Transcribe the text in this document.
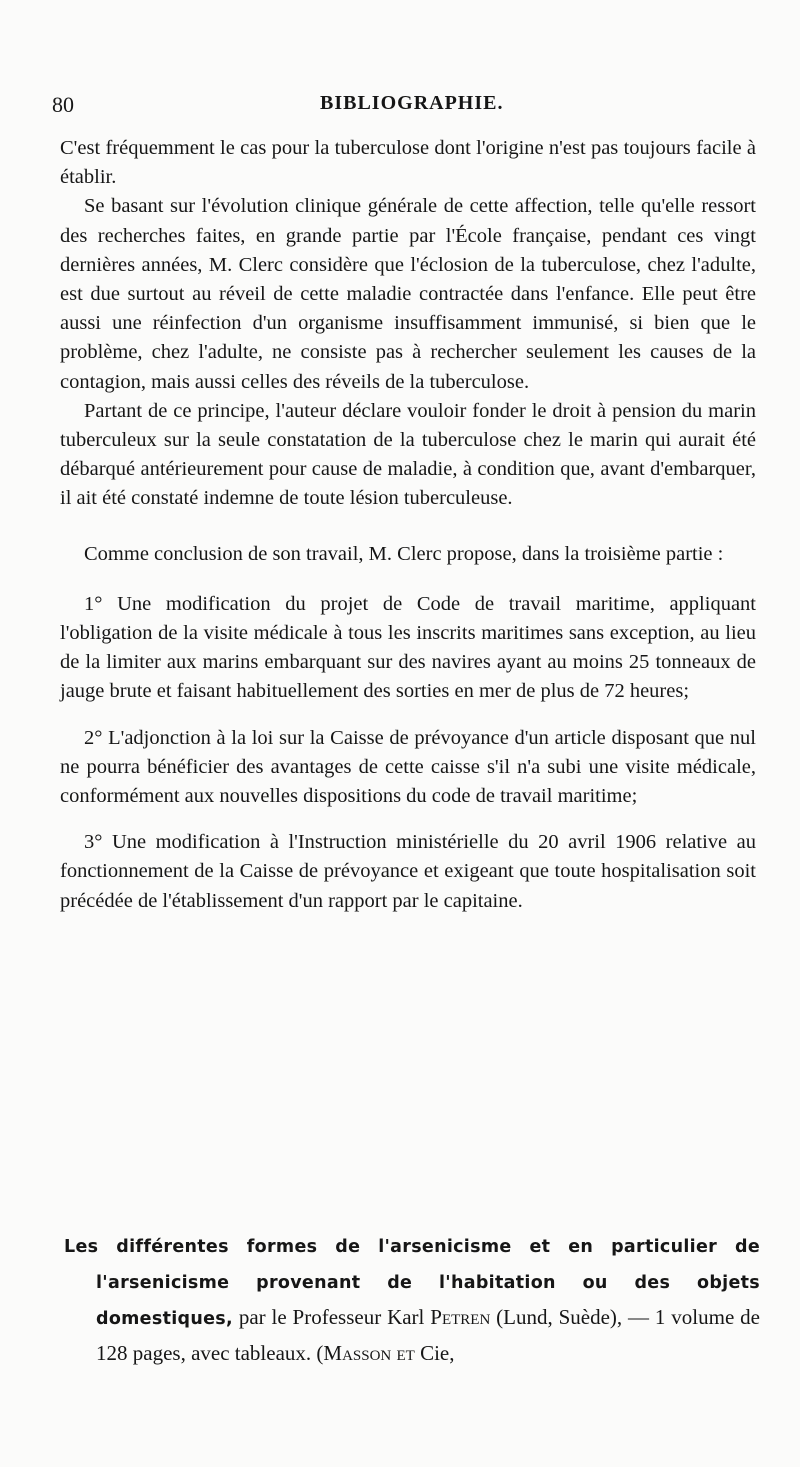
80	BIBLIOGRAPHIE.

C'est fréquemment le cas pour la tuberculose dont l'origine n'est pas toujours facile à établir.

Se basant sur l'évolution clinique générale de cette affection, telle qu'elle ressort des recherches faites, en grande partie par l'École française, pendant ces vingt dernières années, M. Clerc considère que l'éclosion de la tuberculose, chez l'adulte, est due surtout au réveil de cette maladie contractée dans l'enfance. Elle peut être aussi une réinfection d'un organisme insuffisamment immunisé, si bien que le problème, chez l'adulte, ne consiste pas à rechercher seulement les causes de la contagion, mais aussi celles des réveils de la tuberculose.

Partant de ce principe, l'auteur déclare vouloir fonder le droit à pension du marin tuberculeux sur la seule constatation de la tuberculose chez le marin qui aurait été débarqué antérieurement pour cause de maladie, à condition que, avant d'embarquer, il ait été constaté indemne de toute lésion tuberculeuse.

Comme conclusion de son travail, M. Clerc propose, dans la troisième partie :

1° Une modification du projet de Code de travail maritime, appliquant l'obligation de la visite médicale à tous les inscrits maritimes sans exception, au lieu de la limiter aux marins embarquant sur des navires ayant au moins 25 tonneaux de jauge brute et faisant habituellement des sorties en mer de plus de 72 heures;

2° L'adjonction à la loi sur la Caisse de prévoyance d'un article disposant que nul ne pourra bénéficier des avantages de cette caisse s'il n'a subi une visite médicale, conformément aux nouvelles dispositions du code de travail maritime;

3° Une modification à l'Instruction ministérielle du 20 avril 1906 relative au fonctionnement de la Caisse de prévoyance et exigeant que toute hospitalisation soit précédée de l'établissement d'un rapport par le capitaine.

Les différentes formes de l'arsenicisme et en particulier de l'arsenicisme provenant de l'habitation ou des objets domestiques, par le Professeur Karl Petren (Lund, Suède), — 1 volume de 128 pages, avec tableaux. (Masson et Cie,
